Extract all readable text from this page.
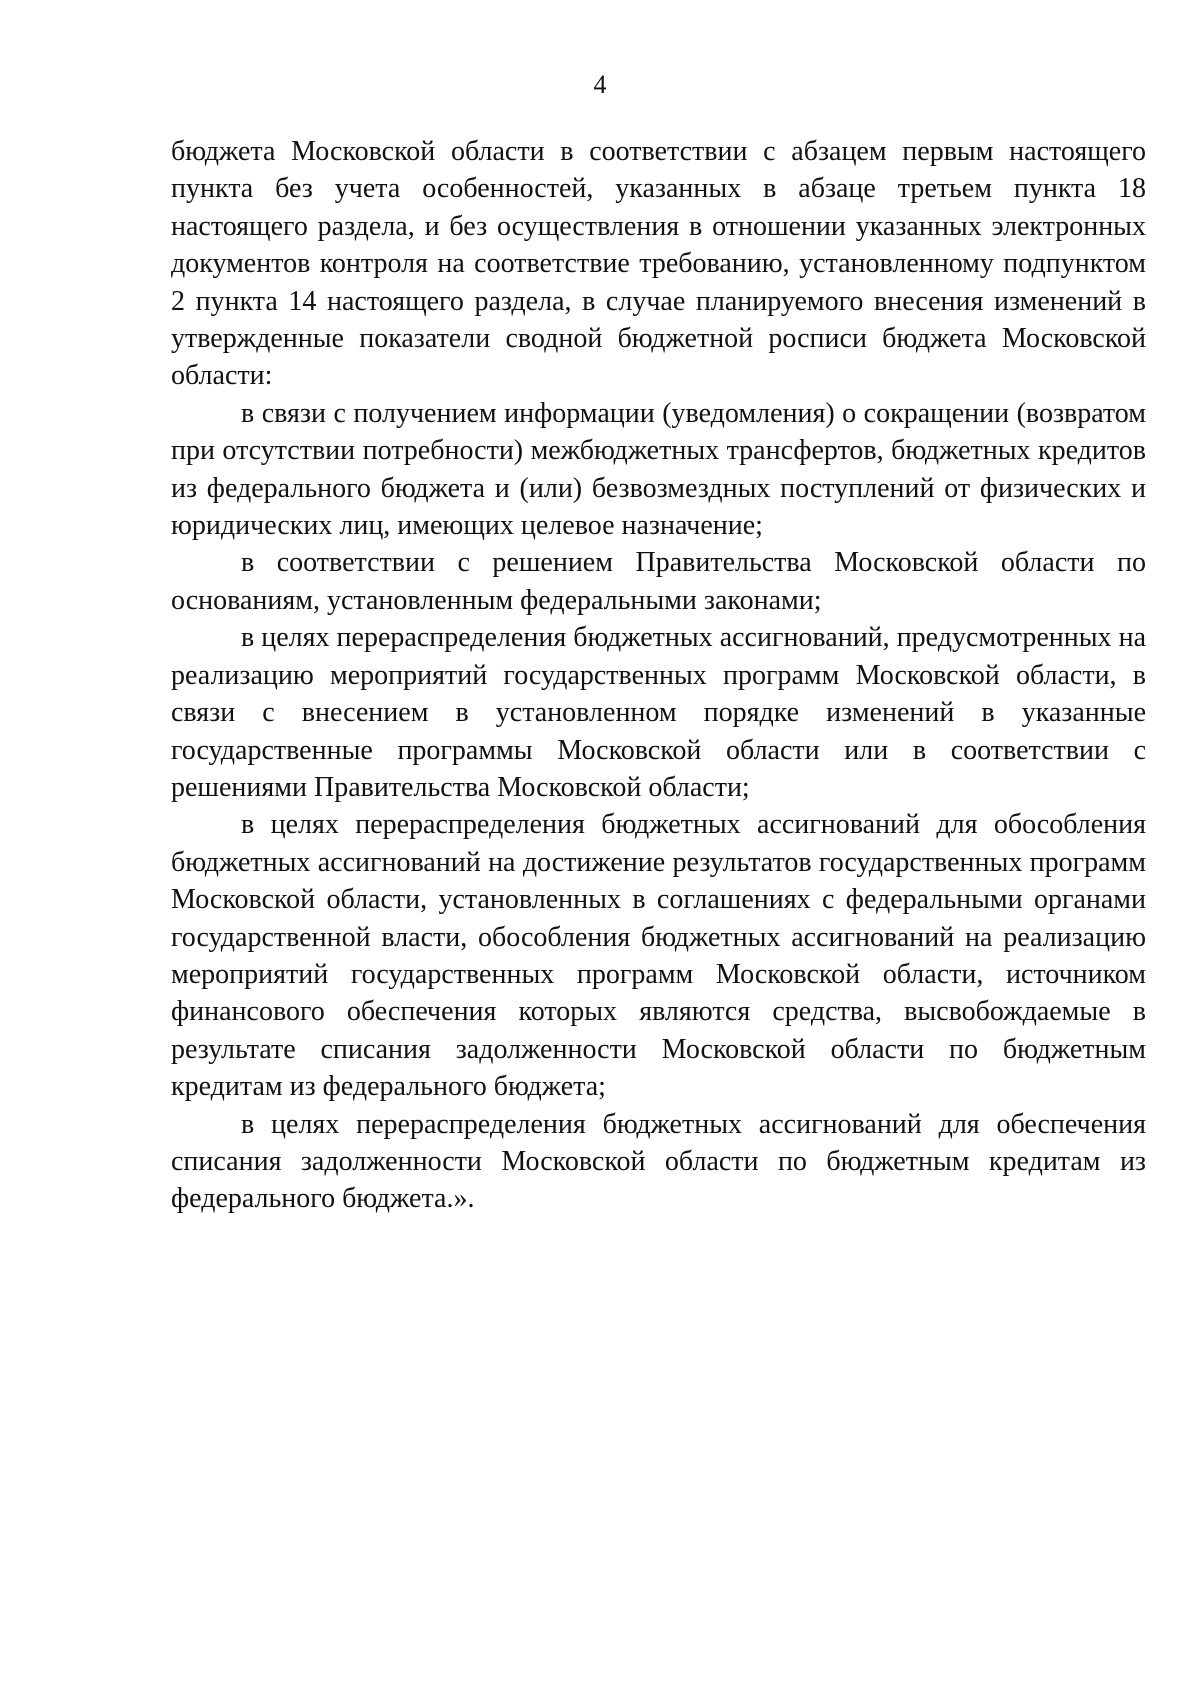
4

бюджета Московской области в соответствии с абзацем первым настоящего пункта без учета особенностей, указанных в абзаце третьем пункта 18 настоящего раздела, и без осуществления в отношении указанных электронных документов контроля на соответствие требованию, установленному подпунктом 2 пункта 14 настоящего раздела, в случае планируемого внесения изменений в утвержденные показатели сводной бюджетной росписи бюджета Московской области:

в связи с получением информации (уведомления) о сокращении (возвратом при отсутствии потребности) межбюджетных трансфертов, бюджетных кредитов из федерального бюджета и (или) безвозмездных поступлений от физических и юридических лиц, имеющих целевое назначение;

в соответствии с решением Правительства Московской области по основаниям, установленным федеральными законами;

в целях перераспределения бюджетных ассигнований, предусмотренных на реализацию мероприятий государственных программ Московской области, в связи с внесением в установленном порядке изменений в указанные государственные программы Московской области или в соответствии с решениями Правительства Московской области;

в целях перераспределения бюджетных ассигнований для обособления бюджетных ассигнований на достижение результатов государственных программ Московской области, установленных в соглашениях с федеральными органами государственной власти, обособления бюджетных ассигнований на реализацию мероприятий государственных программ Московской области, источником финансового обеспечения которых являются средства, высвобождаемые в результате списания задолженности Московской области по бюджетным кредитам из федерального бюджета;

в целях перераспределения бюджетных ассигнований для обеспечения списания задолженности Московской области по бюджетным кредитам из федерального бюджета.».
